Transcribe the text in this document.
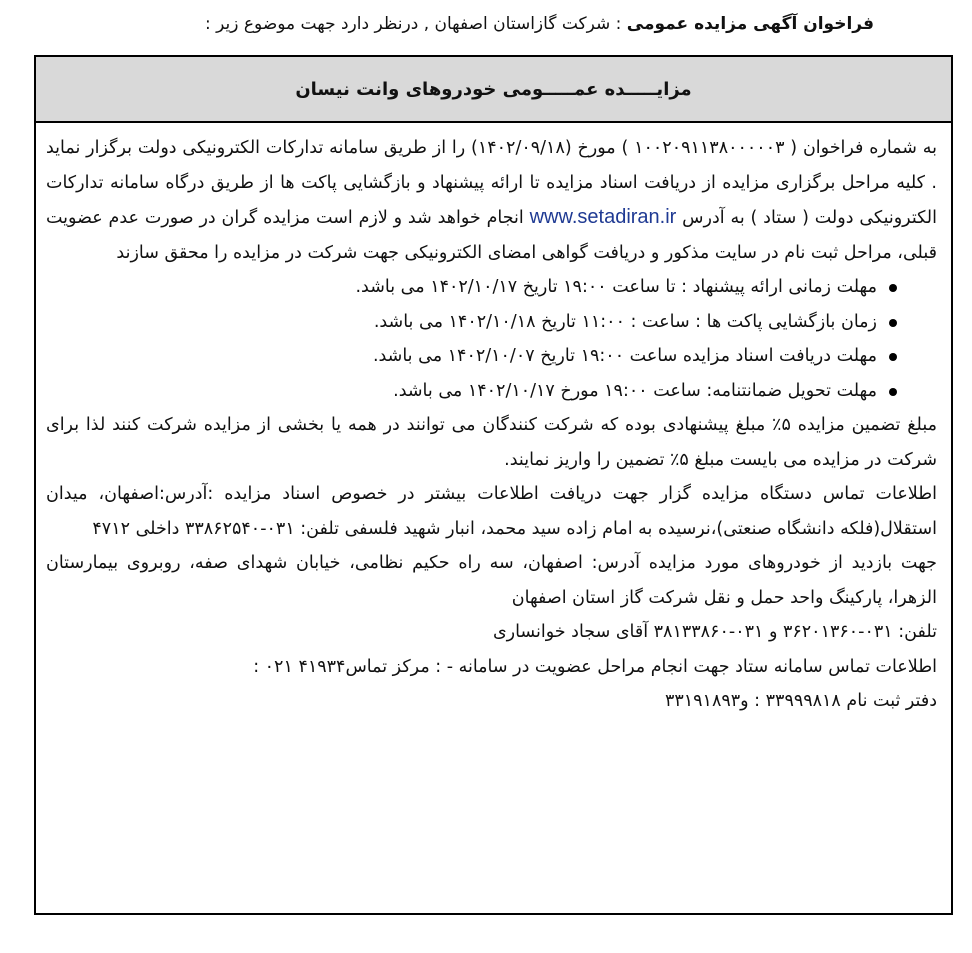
فراخوان آگهی مزایده عمومی : شرکت گازاستان اصفهان , درنظر دارد جهت موضوع زیر :
مزایـــــده عمـــــومی خودروهای وانت نیسان

به شماره فراخوان ( ۱۰۰۲۰۹۱۱۳۸۰۰۰۰۰۳ ) مورخ (۱۴۰۲/۰۹/۱۸) را از طریق سامانه تدارکات الکترونیکی دولت برگزار نماید . کلیه مراحل برگزاری مزایده از دریافت اسناد مزایده تا ارائه پیشنهاد و بازگشایی پاکت ها از طریق درگاه سامانه تدارکات الکترونیکی دولت ( ستاد ) به آدرس www.setadiran.ir انجام خواهد شد و لازم است مزایده گران در صورت عدم عضویت قبلی، مراحل ثبت نام در سایت مذکور و دریافت گواهی امضای الکترونیکی جهت شرکت در مزایده را محقق سازند

مهلت زمانی ارائه پیشنهاد : تا ساعت ۱۹:۰۰ تاریخ ۱۴۰۲/۱۰/۱۷ می باشد.
زمان بازگشایی پاکت ها : ساعت : ۱۱:۰۰ تاریخ ۱۴۰۲/۱۰/۱۸ می باشد.
مهلت دریافت اسناد مزایده ساعت ۱۹:۰۰ تاریخ ۱۴۰۲/۱۰/۰۷ می باشد.
مهلت تحویل ضمانتنامه: ساعت ۱۹:۰۰ مورخ ۱۴۰۲/۱۰/۱۷ می باشد.

مبلغ تضمین مزایده ۵٪ مبلغ پیشنهادی بوده که شرکت کنندگان می توانند در همه یا بخشی از مزایده شرکت کنند لذا برای شرکت در مزایده می بایست مبلغ ۵٪ تضمین را واریز نمایند.

اطلاعات تماس دستگاه مزایده گزار جهت دریافت اطلاعات بیشتر در خصوص اسناد مزایده :آدرس:اصفهان، میدان استقلال(فلکه دانشگاه صنعتی)،نرسیده به امام زاده سید محمد، انبار شهید فلسفی تلفن: ۰۳۱-۳۳۸۶۲۵۴۰ داخلی ۴۷۱۲

جهت بازدید از خودروهای مورد مزایده آدرس: اصفهان، سه راه حکیم نظامی، خیابان شهدای صفه، روبروی بیمارستان الزهرا، پارکینگ واحد حمل و نقل شرکت گاز استان اصفهان

تلفن: ۰۳۱-۳۶۲۰۱۳۶۰ و ۰۳۱-۳۸۱۳۳۸۶۰ آقای سجاد خوانساری

اطلاعات تماس سامانه ستاد جهت انجام مراحل عضویت در سامانه - : مرکز تماس۴۱۹۳۴ ۰۲۱ :

دفتر ثبت نام ۳۳۹۹۹۸۱۸ : و۳۳۱۹۱۸۹۳
